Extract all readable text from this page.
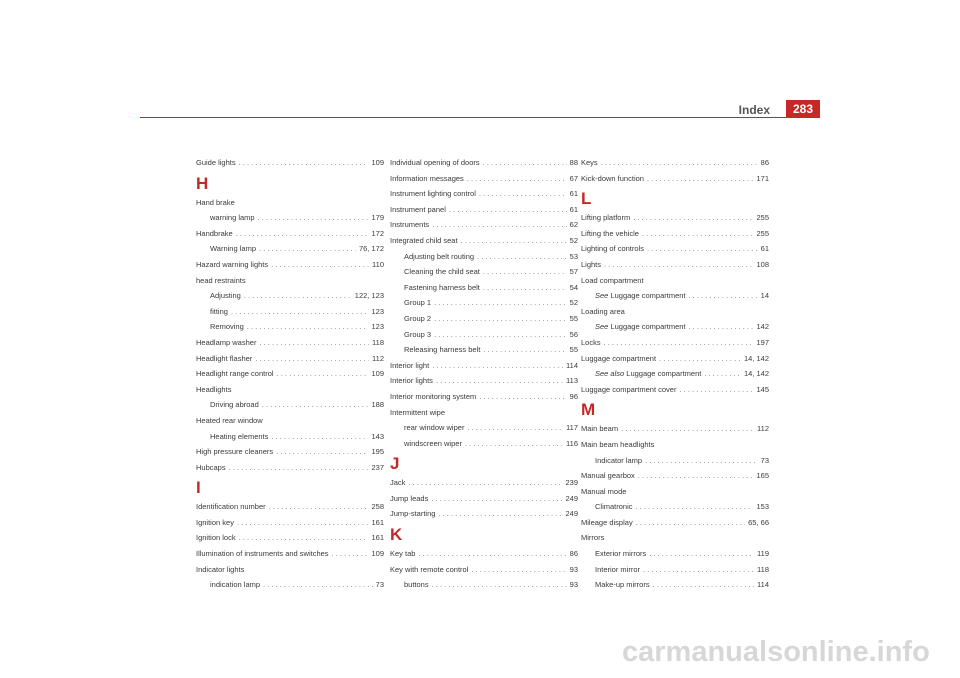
Index	283
Guide lights . . .	109
H
Hand brake
warning lamp . . .	179
Handbrake . . .	172
Warning lamp . . .	76, 172
Hazard warning lights . . .	110
head restraints
Adjusting . . .	122, 123
fitting . . .	123
Removing . . .	123
Headlamp washer . . .	118
Headlight flasher . . .	112
Headlight range control . . .	109
Headlights
Driving abroad . . .	188
Heated rear window
Heating elements . . .	143
High pressure cleaners . . .	195
Hubcaps . . .	237
I
Identification number . . .	258
Ignition key . . .	161
Ignition lock . . .	161
Illumination of instruments and switches . . .	109
Indicator lights
indication lamp . . .	73
Individual opening of doors . . .	88
Information messages . . .	67
Instrument lighting control . . .	61
Instrument panel . . .	61
Instruments . . .	62
Integrated child seat . . .	52
Adjusting belt routing . . .	53
Cleaning the child seat . . .	57
Fastening harness belt . . .	54
Group 1 . . .	52
Group 2 . . .	55
Group 3 . . .	56
Releasing harness belt . . .	55
Interior light . . .	114
Interior lights . . .	113
Interior monitoring system . . .	96
Intermittent wipe
rear window wiper . . .	117
windscreen wiper . . .	116
J
Jack . . .	239
Jump leads . . .	249
Jump-starting . . .	249
K
Key tab . . .	86
Key with remote control . . .	93
buttons . . .	93
Keys . . .	86
Kick-down function . . .	171
L
Lifting platform . . .	255
Lifting the vehicle . . .	255
Lighting of controls . . .	61
Lights . . .	108
Load compartment
See Luggage compartment . . .	14
Loading area
See Luggage compartment . . .	142
Locks . . .	197
Luggage compartment . . .	14, 142
See also Luggage compartment . . .	14, 142
Luggage compartment cover . . .	145
M
Main beam . . .	112
Main beam headlights
Indicator lamp . . .	73
Manual gearbox . . .	165
Manual mode
Climatronic . . .	153
Mileage display . . .	65, 66
Mirrors
Exterior mirrors . . .	119
Interior mirror . . .	118
Make-up mirrors . . .	114
carmanualsonline.info
